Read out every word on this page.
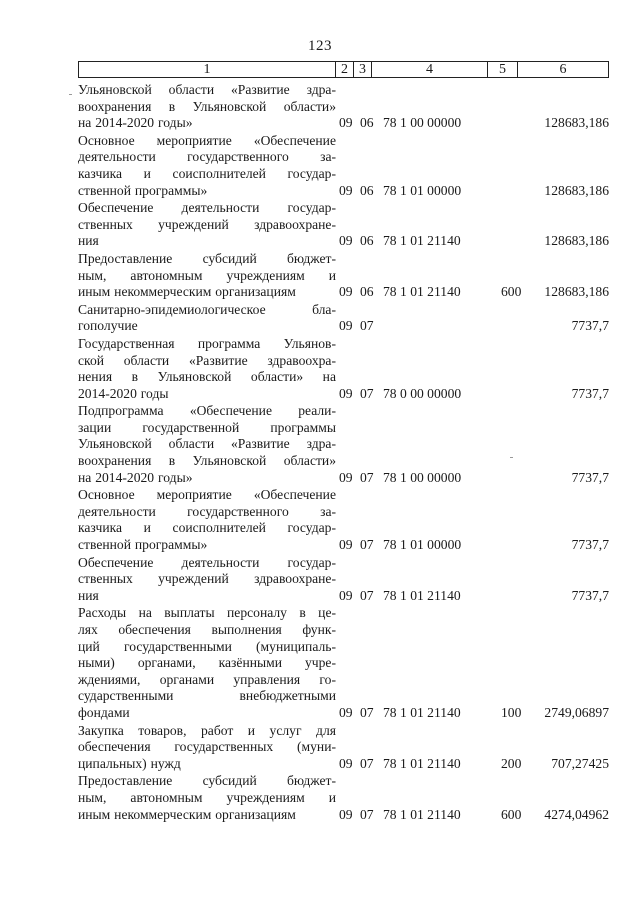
123
1	2	3	4	5	6
Ульяновской области «Развитие здра-
воохранения в Ульяновской области»
на 2014-2020 годы»	09 06 78 1 00 00000	128683,186
Основное мероприятие «Обеспечение
деятельности государственного за-
казчика и соисполнителей государ-
ственной программы»	09 06 78 1 01 00000	128683,186
Обеспечение деятельности государ-
ственных учреждений здравоохране-
ния	09 06 78 1 01 21140	128683,186
Предоставление субсидий бюджет-
ным, автономным учреждениям и
иным некоммерческим организациям	09 06 78 1 01 21140	600	128683,186
Санитарно-эпидемиологическое бла-
гополучие	09 07	7737,7
Государственная программа Ульянов-
ской области «Развитие здравоохра-
нения в Ульяновской области» на
2014-2020 годы	09 07 78 0 00 00000	7737,7
Подпрограмма «Обеспечение реали-
зации государственной программы
Ульяновской области «Развитие здра-
воохранения в Ульяновской области»
на 2014-2020 годы»	09 07 78 1 00 00000	7737,7
Основное мероприятие «Обеспечение
деятельности государственного за-
казчика и соисполнителей государ-
ственной программы»	09 07 78 1 01 00000	7737,7
Обеспечение деятельности государ-
ственных учреждений здравоохране-
ния	09 07 78 1 01 21140	7737,7
Расходы на выплаты персоналу в це-
лях обеспечения выполнения функ-
ций государственными (муниципаль-
ными) органами, казёнными учре-
ждениями, органами управления го-
сударственными внебюджетными
фондами	09 07 78 1 01 21140	100	2749,06897
Закупка товаров, работ и услуг для
обеспечения государственных (муни-
ципальных) нужд	09 07 78 1 01 21140	200	707,27425
Предоставление субсидий бюджет-
ным, автономным учреждениям и
иным некоммерческим организациям	09 07 78 1 01 21140	600	4274,04962
